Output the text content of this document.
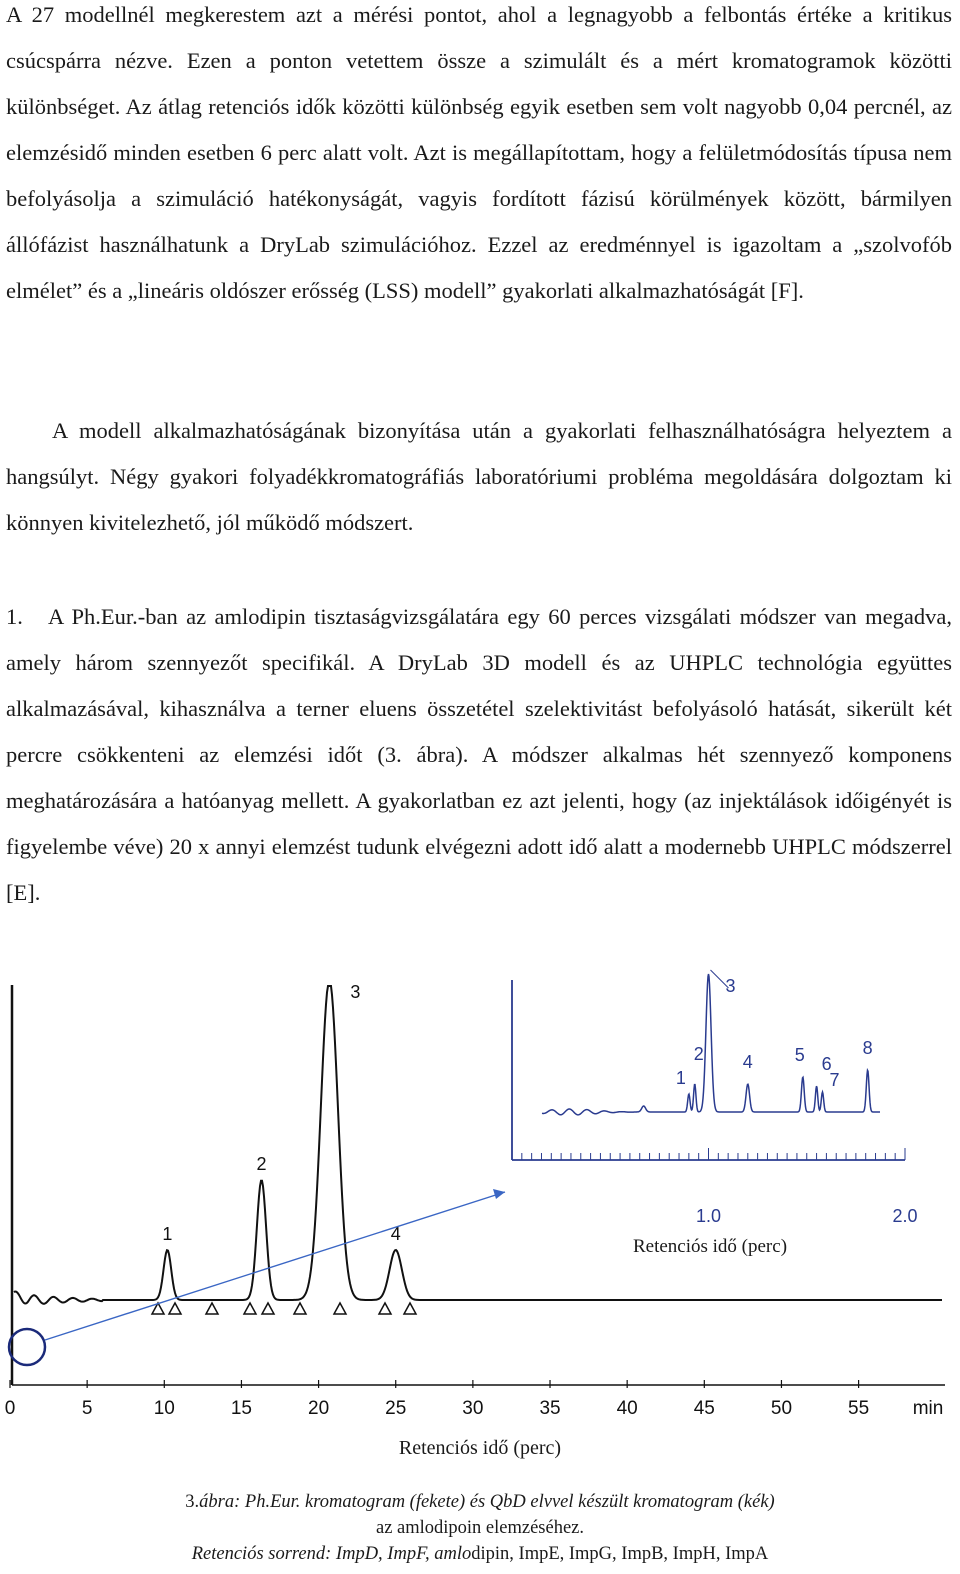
A 27 modellnél megkerestem azt a mérési pontot, ahol a legnagyobb a felbontás értéke a kritikus csúcspárra nézve. Ezen a ponton vetettem össze a szimulált és a mért kromatogramok közötti különbséget. Az átlag retenciós idők közötti különbség egyik esetben sem volt nagyobb 0,04 percnél, az elemzésidő minden esetben 6 perc alatt volt. Azt is megállapítottam, hogy a felületmódosítás típusa nem befolyásolja a szimuláció hatékonyságát, vagyis fordított fázisú körülmények között, bármilyen állófázist használhatunk a DryLab szimulációhoz. Ezzel az eredménnyel is igazoltam a „szolvofób elmélet” és a „lineáris oldószer erősség (LSS) modell” gyakorlati alkalmazhatóságát [F].

A modell alkalmazhatóságának bizonyítása után a gyakorlati felhasználhatóságra helyeztem a hangsúlyt. Négy gyakori folyadékkromatográfiás laboratóriumi probléma megoldására dolgoztam ki könnyen kivitelezhető, jól működő módszert.

1.   A Ph.Eur.-ban az amlodipin tisztaságvizsgálatára egy 60 perces vizsgálati módszer van megadva, amely három szennyezőt specifikál. A DryLab 3D modell és az UHPLC technológia együttes alkalmazásával, kihasználva a terner eluens összetétel szelektivitást befolyásoló hatását, sikerült két percre csökkenteni az elemzési időt (3. ábra). A módszer alkalmas hét szennyező komponens meghatározására a hatóanyag mellett. A gyakorlatban ez azt jelenti, hogy (az injektálások időigényét is figyelembe véve) 20 x annyi elemzést tudunk elvégezni adott idő alatt a modernebb UHPLC módszerrel [E].

0	5	10	15	20	25	30	35	40	45	50	55 min
1
2
3
4
1.0	2.0
1
2
3
4 5 6
7
8
Retenciós idő (perc)
Retenciós idő (perc)
3.ábra: Ph.Eur. kromatogram (fekete) és QbD elvvel készült kromatogram (kék)
az amlodipoin elemzéséhez.
Retenciós sorrend: ImpD, ImpF, amlodipin, ImpE, ImpG, ImpB, ImpH, ImpA
